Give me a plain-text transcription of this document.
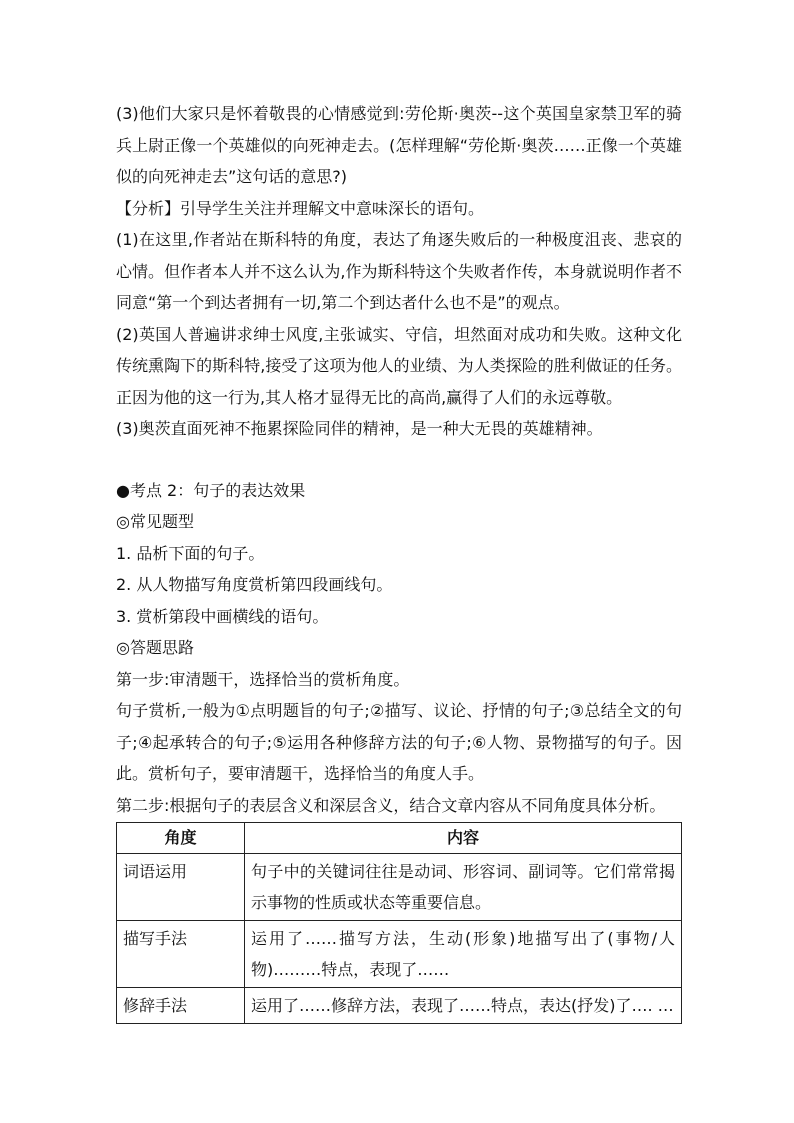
(3)他们大家只是怀着敬畏的心情感觉到:劳伦斯·奥茨--这个英国皇家禁卫军的骑兵上尉正像一个英雄似的向死神走去。(怎样理解“劳伦斯·奥茨……正像一个英雄似的向死神走去”这句话的意思?)

【分析】引导学生关注并理解文中意味深长的语句。

(1)在这里,作者站在斯科特的角度，表达了角逐失败后的一种极度沮丧、悲哀的心情。但作者本人并不这么认为,作为斯科特这个失败者作传，本身就说明作者不同意“第一个到达者拥有一切,第二个到达者什么也不是”的观点。

(2)英国人普遍讲求绅士风度,主张诚实、守信，坦然面对成功和失败。这种文化传统熏陶下的斯科特,接受了这项为他人的业绩、为人类探险的胜利做证的任务。正因为他的这一行为,其人格才显得无比的高尚,赢得了人们的永远尊敬。

(3)奥茨直面死神不拖累探险同伴的精神，是一种大无畏的英雄精神。

●考点 2：句子的表达效果

◎常见题型

1. 品析下面的句子。

2. 从人物描写角度赏析第四段画线句。

3. 赏析第段中画横线的语句。

◎答题思路

第一步:审清题干，选择恰当的赏析角度。

句子赏析,一般为①点明题旨的句子;②描写、议论、抒情的句子;③总结全文的句子;④起承转合的句子;⑤运用各种修辞方法的句子;⑥人物、景物描写的句子。因此。赏析句子，要审清题干，选择恰当的角度人手。

第二步:根据句子的表层含义和深层含义，结合文章内容从不同角度具体分析。

角度	内容
词语运用	句子中的关键词往往是动词、形容词、副词等。它们常常揭示事物的性质或状态等重要信息。
描写手法	运用了……描写方法，生动(形象)地描写出了(事物/人物)………特点，表现了……
修辞手法	运用了……修辞方法，表现了……特点，表达(抒发)了…. …
